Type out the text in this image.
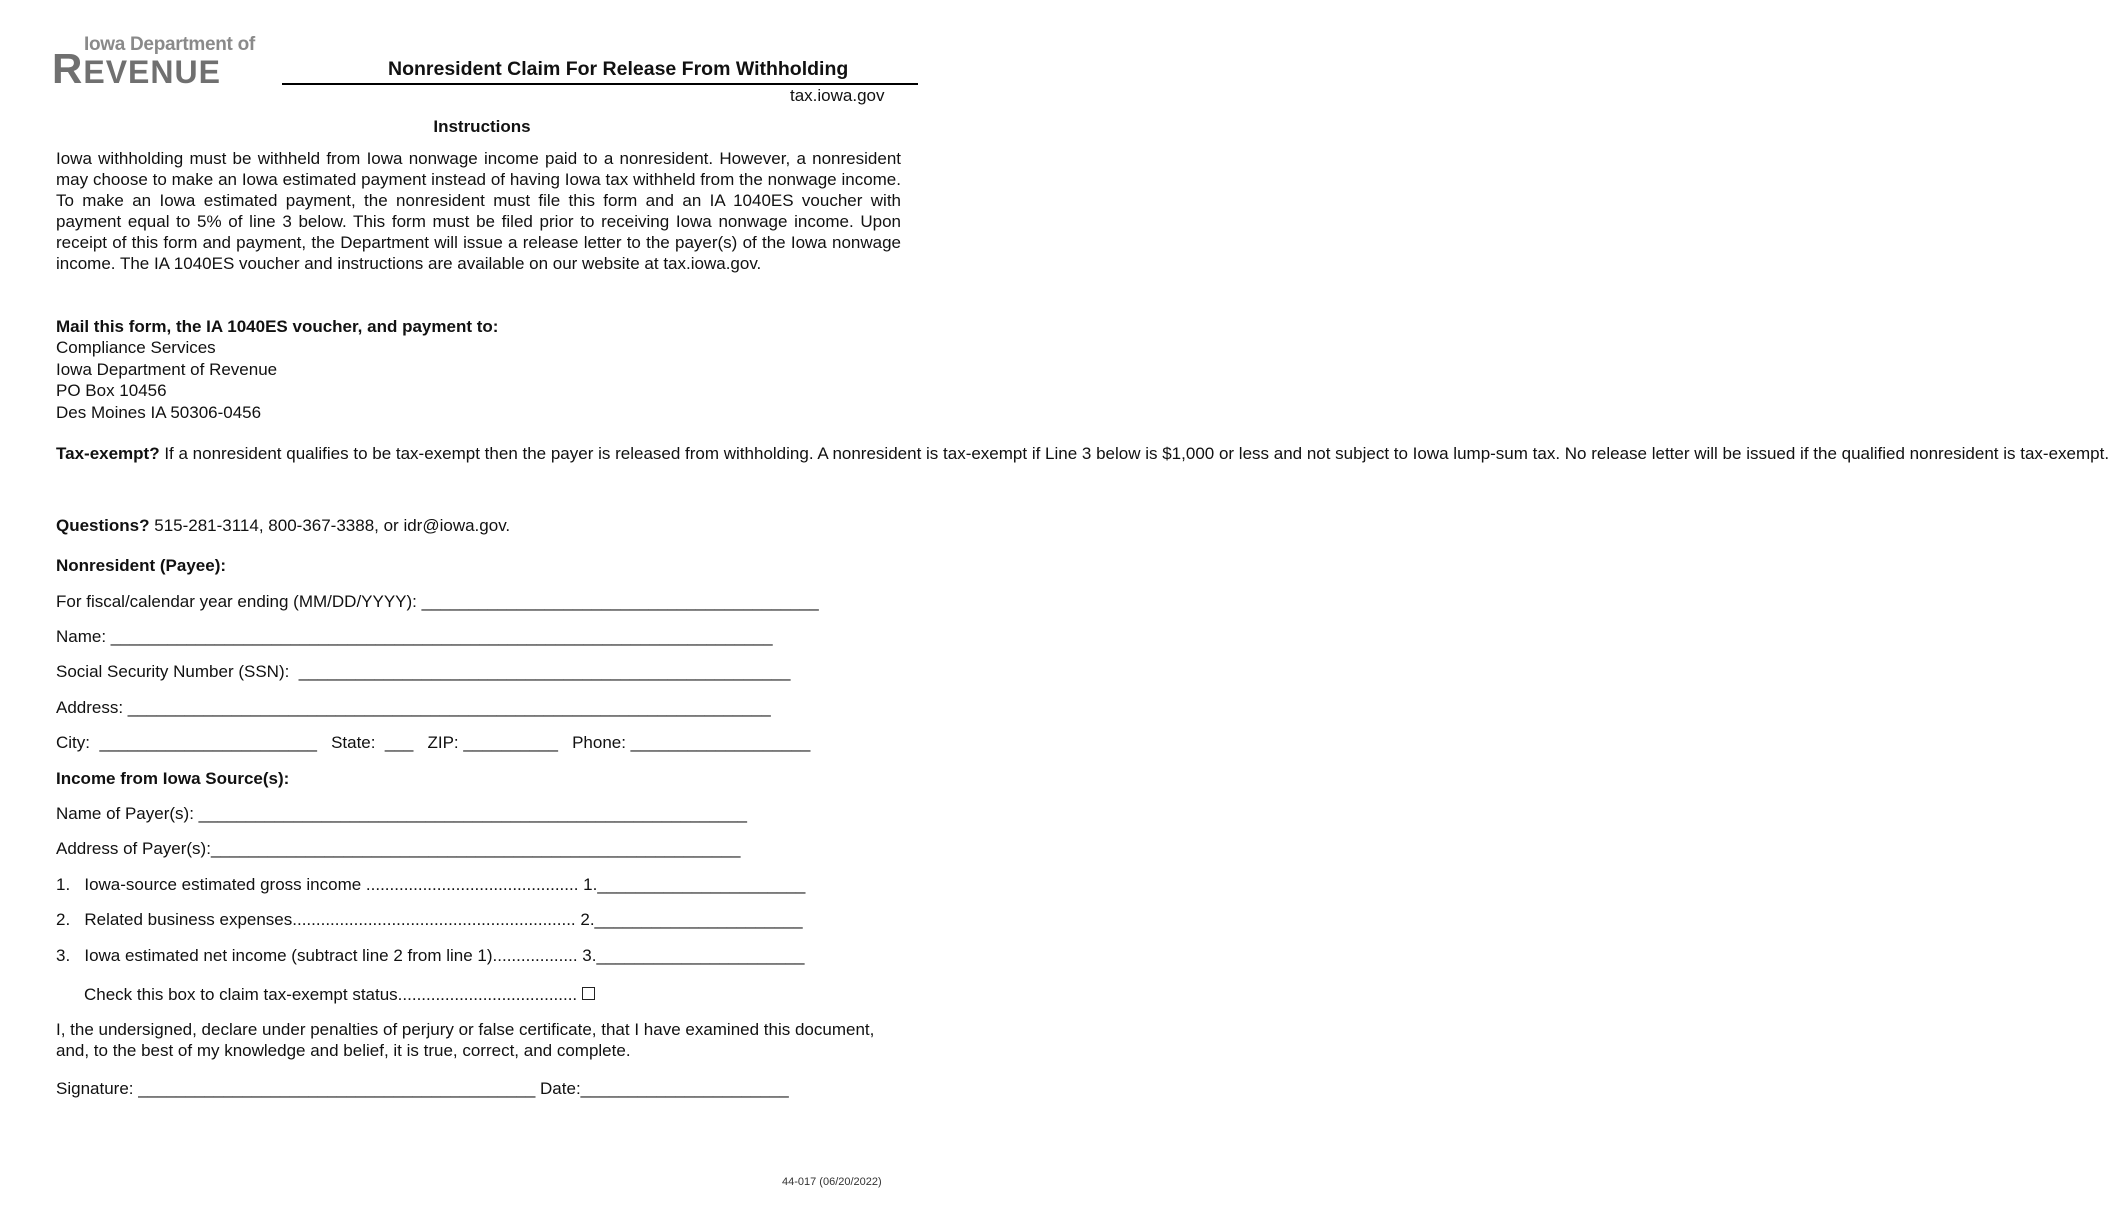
Iowa Department of
REVENUE	Nonresident Claim For Release From Withholding
tax.iowa.gov
Instructions
Iowa withholding must be withheld from Iowa nonwage income paid to a nonresident. However, a nonresident may choose to make an Iowa estimated payment instead of having Iowa tax withheld from the nonwage income. To make an Iowa estimated payment, the nonresident must file this form and an IA 1040ES voucher with payment equal to 5% of line 3 below. This form must be filed prior to receiving Iowa nonwage income. Upon receipt of this form and payment, the Department will issue a release letter to the payer(s) of the Iowa nonwage income. The IA 1040ES voucher and instructions are available on our website at tax.iowa.gov.
Mail this form, the IA 1040ES voucher, and payment to:
Compliance Services
Iowa Department of Revenue
PO Box 10456
Des Moines IA 50306-0456
Tax-exempt? If a nonresident qualifies to be tax-exempt then the payer is released from withholding. A nonresident is tax-exempt if Line 3 below is $1,000 or less and not subject to Iowa lump-sum tax. No release letter will be issued if the qualified nonresident is tax-exempt.
Questions? 515-281-3114, 800-367-3388, or idr@iowa.gov.
Nonresident (Payee):
For fiscal/calendar year ending (MM/DD/YYYY): __________________________________________
Name: ______________________________________________________________________
Social Security Number (SSN):  ____________________________________________________
Address: ____________________________________________________________________
City:  _______________________   State:  ___   ZIP: __________   Phone: ___________________
Income from Iowa Source(s):
Name of Payer(s): __________________________________________________________
Address of Payer(s):________________________________________________________
1.   Iowa-source estimated gross income ............................................. 1.______________________
2.   Related business expenses............................................................ 2.______________________
3.   Iowa estimated net income (subtract line 2 from line 1).................. 3.______________________
Check this box to claim tax-exempt status......................................
I, the undersigned, declare under penalties of perjury or false certificate, that I have examined this document, and, to the best of my knowledge and belief, it is true, correct, and complete.
Signature: __________________________________________ Date:______________________
44-017 (06/20/2022)
